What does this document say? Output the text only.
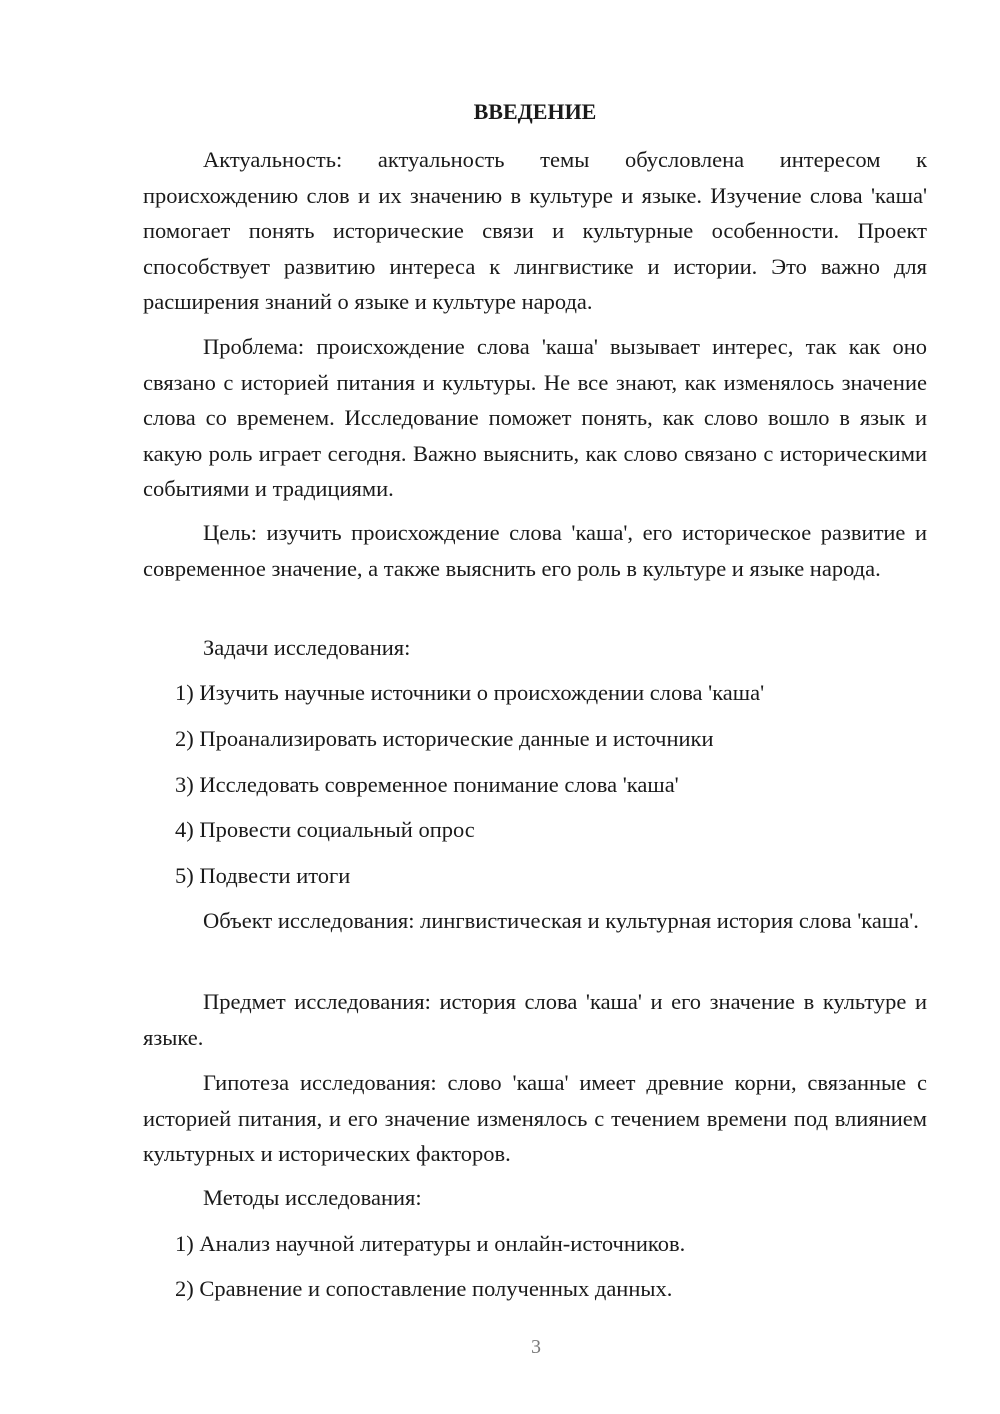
ВВЕДЕНИЕ

Актуальность: актуальность темы обусловлена интересом к происхождению слов и их значению в культуре и языке. Изучение слова 'каша' помогает понять исторические связи и культурные особенности. Проект способствует развитию интереса к лингвистике и истории. Это важно для расширения знаний о языке и культуре народа.

Проблема: происхождение слова 'каша' вызывает интерес, так как оно связано с историей питания и культуры. Не все знают, как изменялось значение слова со временем. Исследование поможет понять, как слово вошло в язык и какую роль играет сегодня. Важно выяснить, как слово связано с историческими событиями и традициями.

Цель: изучить происхождение слова 'каша', его историческое развитие и современное значение, а также выяснить его роль в культуре и языке народа.

Задачи исследования:

1) Изучить научные источники о происхождении слова 'каша'

2) Проанализировать исторические данные и источники

3) Исследовать современное понимание слова 'каша'

4) Провести социальный опрос

5) Подвести итоги

Объект исследования: лингвистическая и культурная история слова 'каша'.

Предмет исследования: история слова 'каша' и его значение в культуре и языке.

Гипотеза исследования: слово 'каша' имеет древние корни, связанные с историей питания, и его значение изменялось с течением времени под влиянием культурных и исторических факторов.

Методы исследования:

1) Анализ научной литературы и онлайн-источников.

2) Сравнение и сопоставление полученных данных.

3
